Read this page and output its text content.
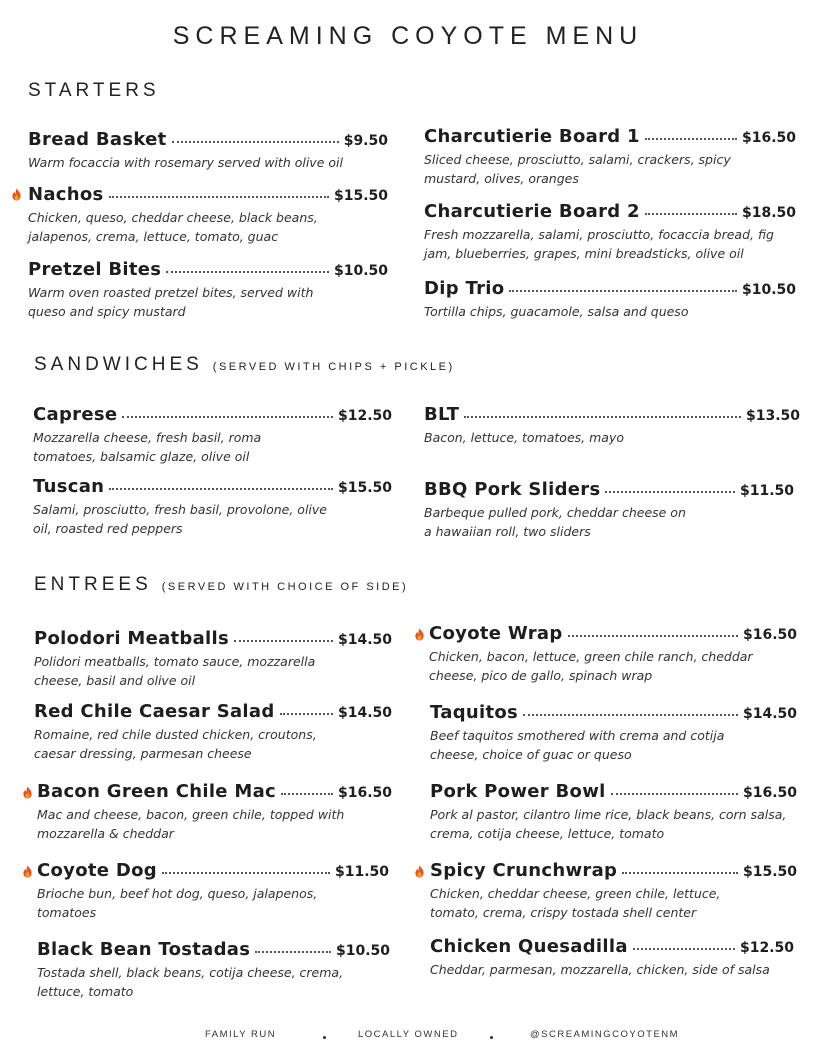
SCREAMING COYOTE MENU
STARTERS
Bread Basket	$9.50
Warm focaccia with rosemary served with olive oil
Nachos	$15.50
Chicken, queso, cheddar cheese, black beans, jalapenos, crema, lettuce, tomato, guac
Pretzel Bites	$10.50
Warm oven roasted pretzel bites, served with queso and spicy mustard
Charcutierie Board 1	$16.50
Sliced cheese, prosciutto, salami, crackers, spicy mustard, olives, oranges
Charcutierie Board 2	$18.50
Fresh mozzarella, salami, prosciutto, focaccia bread, fig jam, blueberries, grapes, mini breadsticks, olive oil
Dip Trio	$10.50
Tortilla chips, guacamole, salsa and queso
SANDWICHES (SERVED WITH CHIPS + PICKLE)
Caprese	$12.50
Mozzarella cheese, fresh basil, roma tomatoes, balsamic glaze, olive oil
Tuscan	$15.50
Salami, prosciutto, fresh basil, provolone, olive oil, roasted red peppers
BLT	$13.50
Bacon, lettuce, tomatoes, mayo
BBQ Pork Sliders	$11.50
Barbeque pulled pork, cheddar cheese on a hawaiian roll, two sliders
ENTREES (SERVED WITH CHOICE OF SIDE)
Polodori Meatballs	$14.50
Polidori meatballs, tomato sauce, mozzarella cheese, basil and olive oil
Red Chile Caesar Salad	$14.50
Romaine, red chile dusted chicken, croutons, caesar dressing, parmesan cheese
Bacon Green Chile Mac	$16.50
Mac and cheese, bacon, green chile, topped with mozzarella & cheddar
Coyote Dog	$11.50
Brioche bun, beef hot dog, queso, jalapenos, tomatoes
Black Bean Tostadas	$10.50
Tostada shell, black beans, cotija cheese, crema, lettuce, tomato
Coyote Wrap	$16.50
Chicken, bacon, lettuce, green chile ranch, cheddar cheese, pico de gallo, spinach wrap
Taquitos	$14.50
Beef taquitos smothered with crema and cotija cheese, choice of guac or queso
Pork Power Bowl	$16.50
Pork al pastor, cilantro lime rice, black beans, corn salsa, crema, cotija cheese, lettuce, tomato
Spicy Crunchwrap	$15.50
Chicken, cheddar cheese, green chile, lettuce, tomato, crema, crispy tostada shell center
Chicken Quesadilla	$12.50
Cheddar, parmesan, mozzarella, chicken, side of salsa
FAMILY RUN	LOCALLY OWNED	@SCREAMINGCOYOTENM
